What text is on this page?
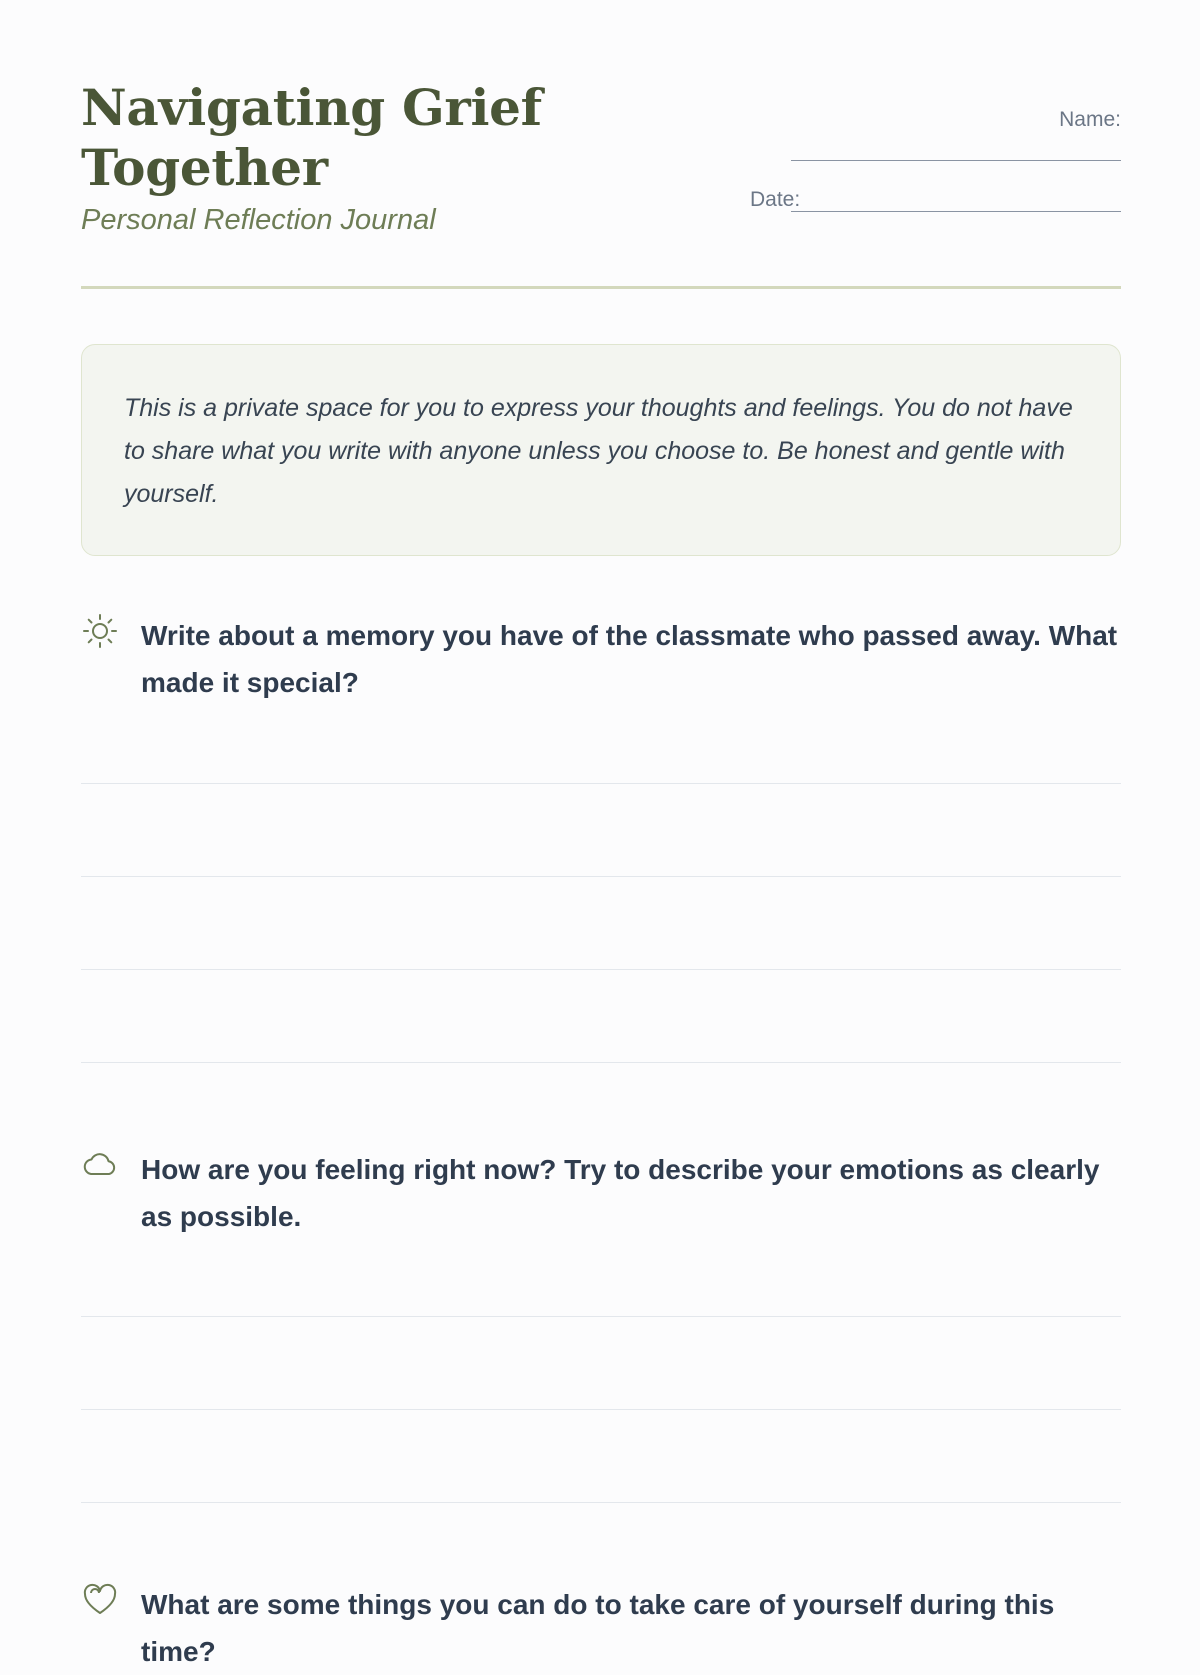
Navigating Grief Together
Personal Reflection Journal
Name:
Date:

This is a private space for you to express your thoughts and feelings. You do not have to share what you write with anyone unless you choose to. Be honest and gentle with yourself.

Write about a memory you have of the classmate who passed away. What made it special?

How are you feeling right now? Try to describe your emotions as clearly as possible.

What are some things you can do to take care of yourself during this time?
